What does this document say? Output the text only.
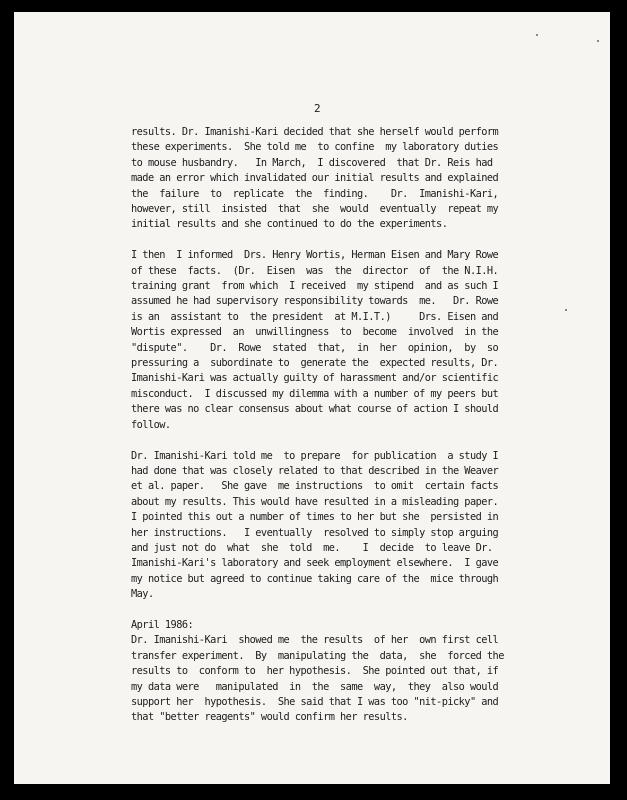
2
results. Dr. Imanishi-Kari decided that she herself would perform
these experiments.  She told me  to confine  my laboratory duties
to mouse husbandry.   In March,  I discovered  that Dr. Reis had
made an error which invalidated our initial results and explained
the  failure  to  replicate  the  finding.    Dr.  Imanishi-Kari,
however, still  insisted  that  she  would  eventually  repeat my
initial results and she continued to do the experiments.
I then  I informed  Drs. Henry Wortis, Herman Eisen and Mary Rowe
of these  facts.  (Dr.  Eisen  was  the  director  of  the N.I.H.
training grant  from which  I received  my stipend  and as such I
assumed he had supervisory responsibility towards  me.   Dr. Rowe
is an  assistant to  the president  at M.I.T.)     Drs. Eisen and
Wortis expressed  an  unwillingness  to  become  involved  in the
"dispute".    Dr.  Rowe  stated  that,  in  her  opinion,  by  so
pressuring a  subordinate to  generate the  expected results, Dr.
Imanishi-Kari was actually guilty of harassment and/or scientific
misconduct.  I discussed my dilemma with a number of my peers but
there was no clear consensus about what course of action I should
follow.
Dr. Imanishi-Kari told me  to prepare  for publication  a study I
had done that was closely related to that described in the Weaver
et al. paper.   She gave  me instructions  to omit  certain facts
about my results. This would have resulted in a misleading paper.
I pointed this out a number of times to her but she  persisted in
her instructions.   I eventually  resolved to simply stop arguing
and just not do  what  she  told  me.    I  decide  to leave Dr.
Imanishi-Kari's laboratory and seek employment elsewhere.  I gave
my notice but agreed to continue taking care of the  mice through
May.
April 1986:
Dr. Imanishi-Kari  showed me  the results  of her  own first cell
transfer experiment.  By  manipulating the  data,  she  forced the
results to  conform to  her hypothesis.  She pointed out that, if
my data were   manipulated  in  the  same  way,  they  also would
support her  hypothesis.  She said that I was too "nit-picky" and
that "better reagents" would confirm her results.
